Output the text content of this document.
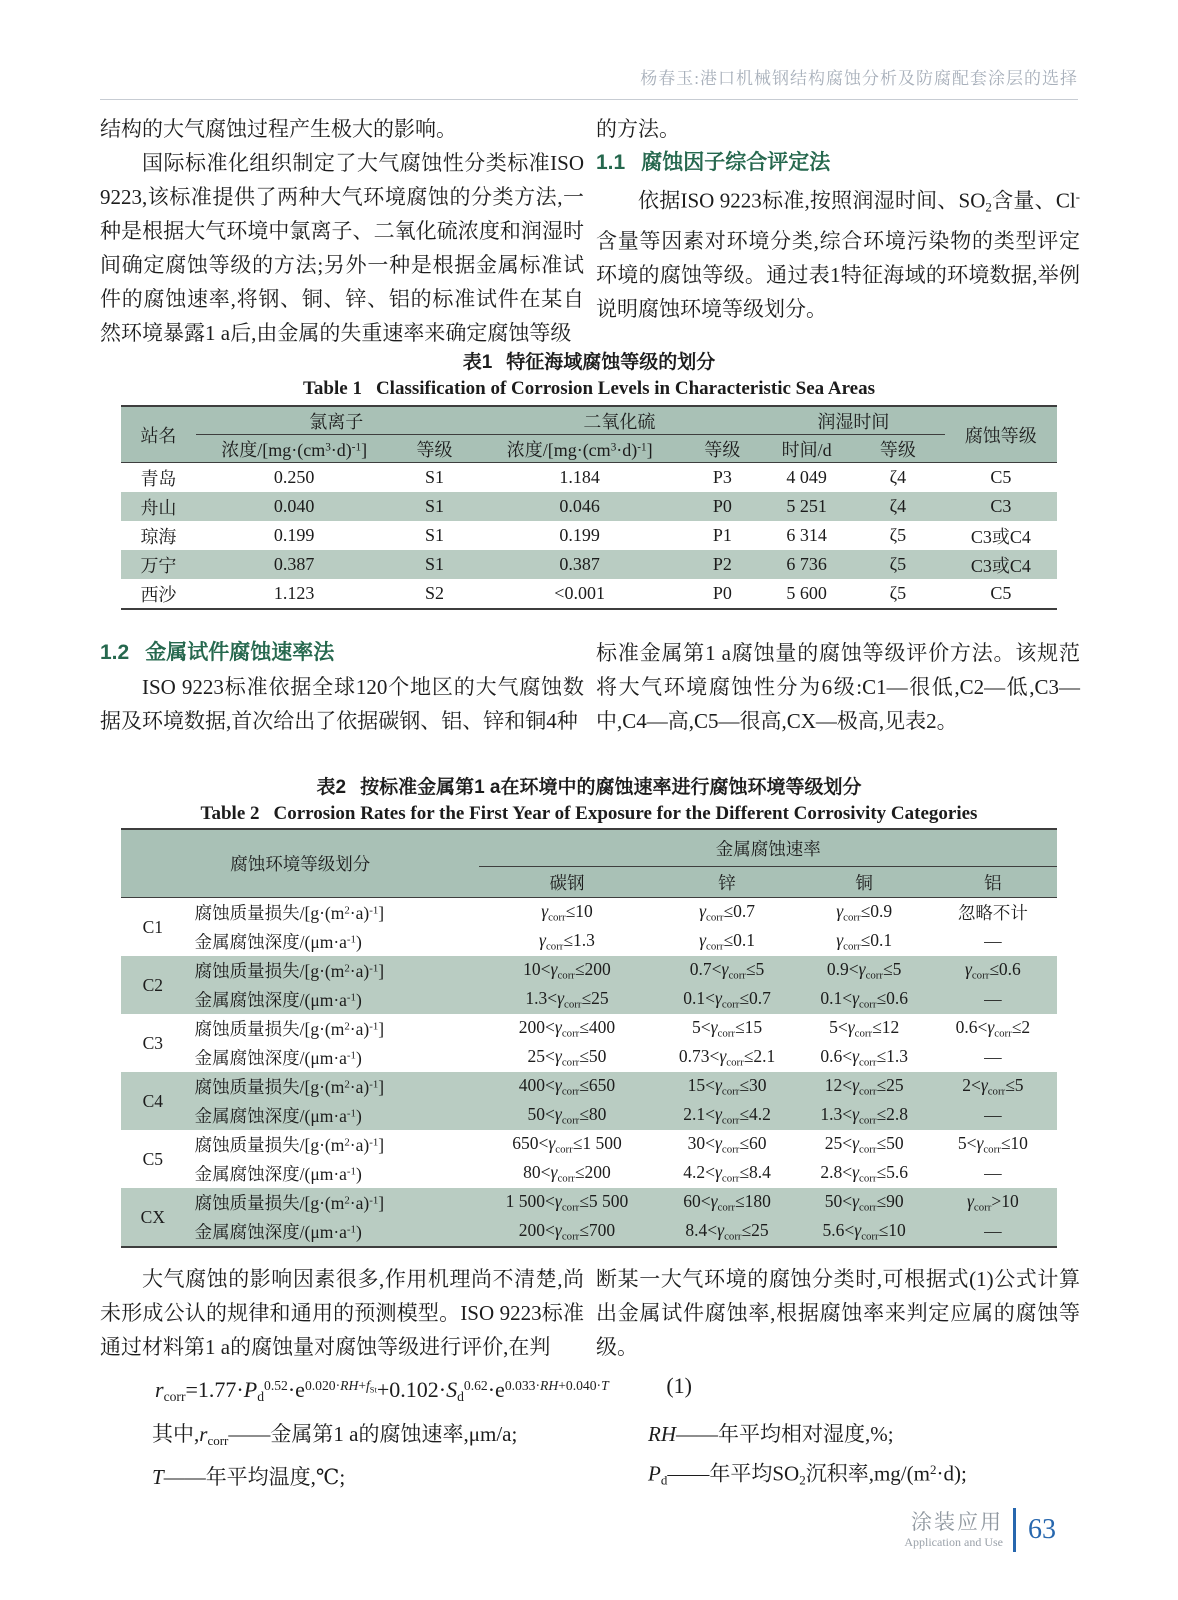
杨春玉:港口机械钢结构腐蚀分析及防腐配套涂层的选择

结构的大气腐蚀过程产生极大的影响。

国际标准化组织制定了大气腐蚀性分类标准ISO 9223,该标准提供了两种大气环境腐蚀的分类方法,一种是根据大气环境中氯离子、二氧化硫浓度和润湿时间确定腐蚀等级的方法;另外一种是根据金属标准试件的腐蚀速率,将钢、铜、锌、铝的标准试件在某自然环境暴露1 a后,由金属的失重速率来确定腐蚀等级

的方法。

1.1 腐蚀因子综合评定法

依据ISO 9223标准,按照润湿时间、$SO_2$含量、Cl-含量等因素对环境分类,综合环境污染物的类型评定环境的腐蚀等级。通过表1特征海域的环境数据,举例说明腐蚀环境等级划分。

表1 特征海域腐蚀等级的划分
Table 1 Classification of Corrosion Levels in Characteristic Sea Areas
站名	氯离子		二氧化硫		润湿时间		腐蚀等级
	浓度$/[mg\cdot(cm^3\cdot d)^{-1}]$	等级	浓度$/[mg\cdot(cm^3\cdot d)^{-1}]$	等级	时间/d	等级	
青岛	0.250	S1	1.184	P3	4 049	ζ4	C5
舟山	0.040	S1	0.046	P0	5 251	ζ4	C3
琼海	0.199	S1	0.199	P1	6 314	ζ5	C3或C4
万宁	0.387	S1	0.387	P2	6 736	ζ5	C3或C4
西沙	1.123	S2	<0.001	P0	5 600	ζ5	C5
1.2 金属试件腐蚀速率法

ISO 9223标准依据全球120个地区的大气腐蚀数据及环境数据,首次给出了依据碳钢、铝、锌和铜4种

标准金属第1 a腐蚀量的腐蚀等级评价方法。该规范将大气环境腐蚀性分为6级:C1—很低,C2—低,C3—中,C4—高,C5—很高,CX—极高,见表2。

表2 按标准金属第1 a在环境中的腐蚀速率进行腐蚀环境等级划分
Table 2 Corrosion Rates for the First Year of Exposure for the Different Corrosivity Categories
腐蚀环境等级划分		金属腐蚀速率			
		碳钢	锌	铜	铝
C1	腐蚀质量损失$/[g\cdot(m^2\cdot a)^{-1}]$	$\gamma_{corr}\le 10$	$\gamma_{corr}\le 0.7$	$\gamma_{corr}\le 0.9$	忽略不计
	金属腐蚀深度$/(\mu m\cdot a^{-1})$	$\gamma_{corr}\le 1.3$	$\gamma_{corr}\le 0.1$	$\gamma_{corr}\le 0.1$	—
C2	腐蚀质量损失$/[g\cdot(m^2\cdot a)^{-1}]$	$10<\gamma_{corr}\le 200$	$0.7<\gamma_{corr}\le 5$	$0.9<\gamma_{corr}\le 5$	$\gamma_{corr}\le 0.6$
	金属腐蚀深度$/(\mu m\cdot a^{-1})$	$1.3<\gamma_{corr}\le 25$	$0.1<\gamma_{corr}\le 0.7$	$0.1<\gamma_{corr}\le 0.6$	—
C3	腐蚀质量损失$/[g\cdot(m^2\cdot a)^{-1}]$	$200<\gamma_{corr}\le 400$	$5<\gamma_{corr}\le 15$	$5<\gamma_{corr}\le 12$	$0.6<\gamma_{corr}\le 2$
	金属腐蚀深度$/(\mu m\cdot a^{-1})$	$25<\gamma_{corr}\le 50$	$0.73<\gamma_{corr}\le 2.1$	$0.6<\gamma_{corr}\le 1.3$	—
C4	腐蚀质量损失$/[g\cdot(m^2\cdot a)^{-1}]$	$400<\gamma_{corr}\le 650$	$15<\gamma_{corr}\le 30$	$12<\gamma_{corr}\le 25$	$2<\gamma_{corr}\le 5$
	金属腐蚀深度$/(\mu m\cdot a^{-1})$	$50<\gamma_{corr}\le 80$	$2.1<\gamma_{corr}\le 4.2$	$1.3<\gamma_{corr}\le 2.8$	—
C5	腐蚀质量损失$/[g\cdot(m^2\cdot a)^{-1}]$	$650<\gamma_{corr}\le 1$ 500	$30<\gamma_{corr}\le 60$	$25<\gamma_{corr}\le 50$	$5<\gamma_{corr}\le 10$
	金属腐蚀深度$/(\mu m\cdot a^{-1})$	$80<\gamma_{corr}\le 200$	$4.2<\gamma_{corr}\le 8.4$	$2.8<\gamma_{corr}\le 5.6$	—
CX	腐蚀质量损失$/[g\cdot(m^2\cdot a)^{-1}]$	1 $500<\gamma_{corr}\le 5$ 500	$60<\gamma_{corr}\le 180$	$50<\gamma_{corr}\le 90$	$\gamma_{corr}>10$
	金属腐蚀深度$/(\mu m\cdot a^{-1})$	$200<\gamma_{corr}\le 700$	$8.4<\gamma_{corr}\le 25$	$5.6<\gamma_{corr}\le 10$	—

大气腐蚀的影响因素很多,作用机理尚不清楚,尚未形成公认的规律和通用的预测模型。ISO 9223标准通过材料第1 a的腐蚀量对腐蚀等级进行评价,在判

断某一大气环境的腐蚀分类时,可根据式(1)公式计算出金属试件腐蚀率,根据腐蚀率来判定应属的腐蚀等级。

$r_{corr}=1.77\cdot P_d^{0.52}\cdot e^{0.020\cdot RH+f_{St}}+0.102\cdot S_d^{0.62}\cdot e^{0.033\cdot RH+0.040\cdot T}$	(1)

其中$,r_{corr}——$金属第1 a的腐蚀速率,μm/a;

T——年平均温度,℃;

RH——年平均相对湿度,%;

$P_d——$年平均$SO_2$沉积率$,mg/(m^2\cdot d)$;

涂装应用
Application and Use 63
